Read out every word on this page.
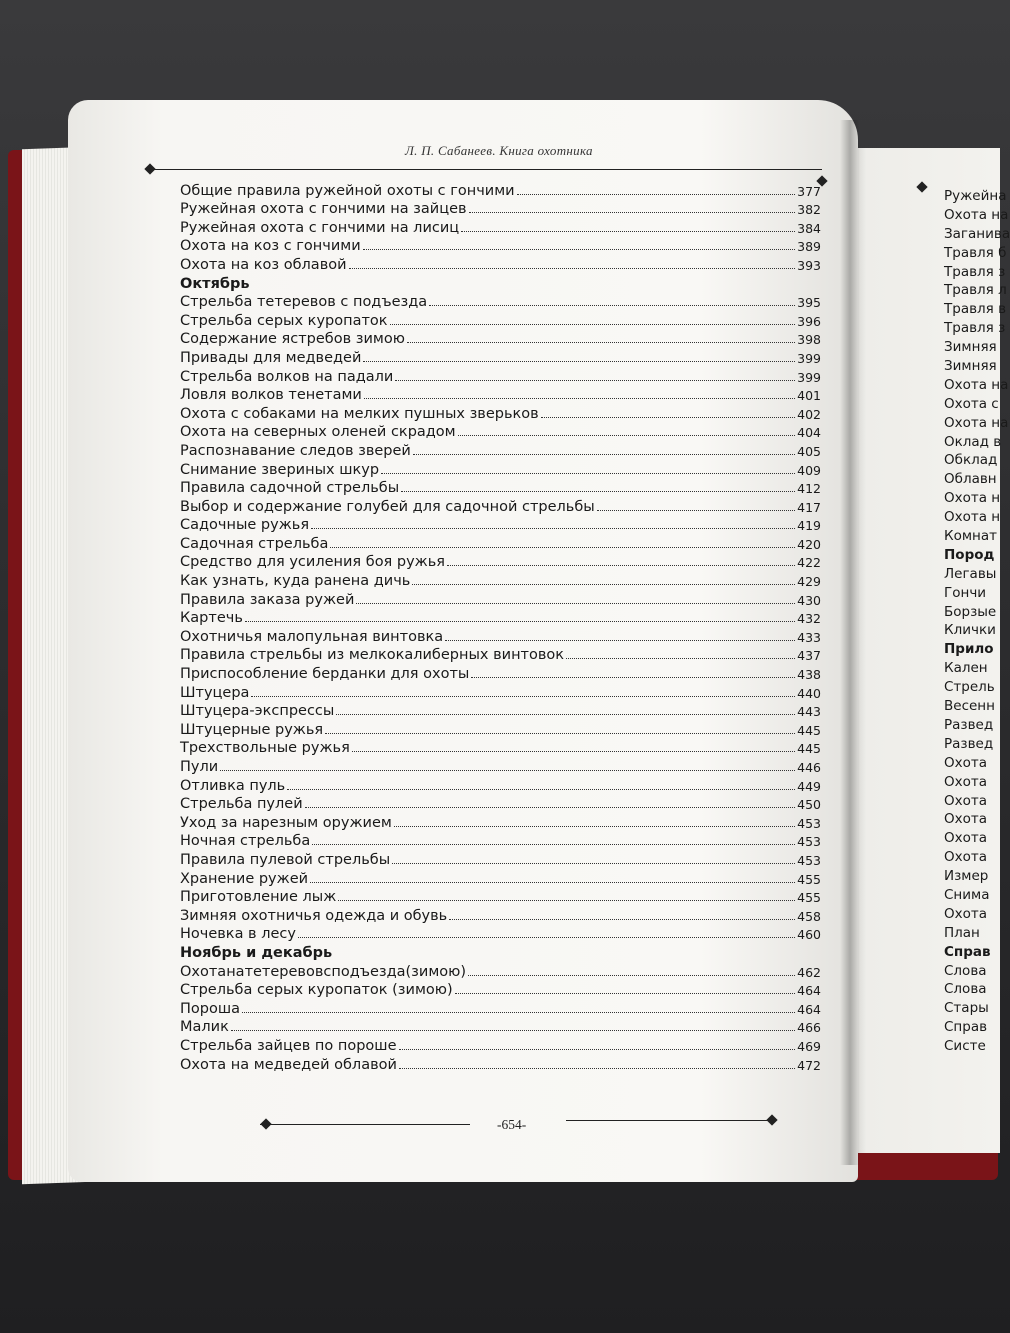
Л. П. Сабанеев. Книга охотника
Общие правила ружейной охоты с гончими	377
Ружейная охота с гончими на зайцев	382
Ружейная охота с гончими на лисиц	384
Охота на коз с гончими	389
Охота на коз облавой	393
Октябрь
Стрельба тетеревов с подъезда	395
Стрельба серых куропаток	396
Содержание ястребов зимою	398
Привады для медведей	399
Стрельба волков на падали	399
Ловля волков тенетами	401
Охота с собаками на мелких пушных зверьков	402
Охота на северных оленей скрадом	404
Распознавание следов зверей	405
Снимание звериных шкур	409
Правила садочной стрельбы	412
Выбор и содержание голубей для садочной стрельбы	417
Садочные ружья	419
Садочная стрельба	420
Средство для усиления боя ружья	422
Как узнать, куда ранена дичь	429
Правила заказа ружей	430
Картечь	432
Охотничья малопульная винтовка	433
Правила стрельбы из мелкокалиберных винтовок	437
Приспособление берданки для охоты	438
Штуцера	440
Штуцера-экспрессы	443
Штуцерные ружья	445
Трехствольные ружья	445
Пули	446
Отливка пуль	449
Стрельба пулей	450
Уход за нарезным оружием	453
Ночная стрельба	453
Правила пулевой стрельбы	453
Хранение ружей	455
Приготовление лыж	455
Зимняя охотничья одежда и обувь	458
Ночевка в лесу	460
Ноябрь и декабрь
Охотанатетеревовсподъезда(зимою)	462
Стрельба серых куропаток (зимою)	464
Пороша	464
Малик	466
Стрельба зайцев по пороше	469
Охота на медведей облавой	472
-654-
Ружейна
Охота на
Заганива
Травля б
Травля з
Травля л
Травля в
Травля з
Зимняя
Зимняя
Охота на
Охота с
Охота на
Оклад в
Обклад
Облавн
Охота н
Охота н
Комнат
Пород
Легавы
Гончи
Борзые
Клички
Прило
Кален
Стрель
Весенн
Развед
Развед
Охота
Охота
Охота
Охота
Охота
Охота
Измер
Снима
Охота
План
Справ
Слова
Слова
Стары
Справ
Систе
